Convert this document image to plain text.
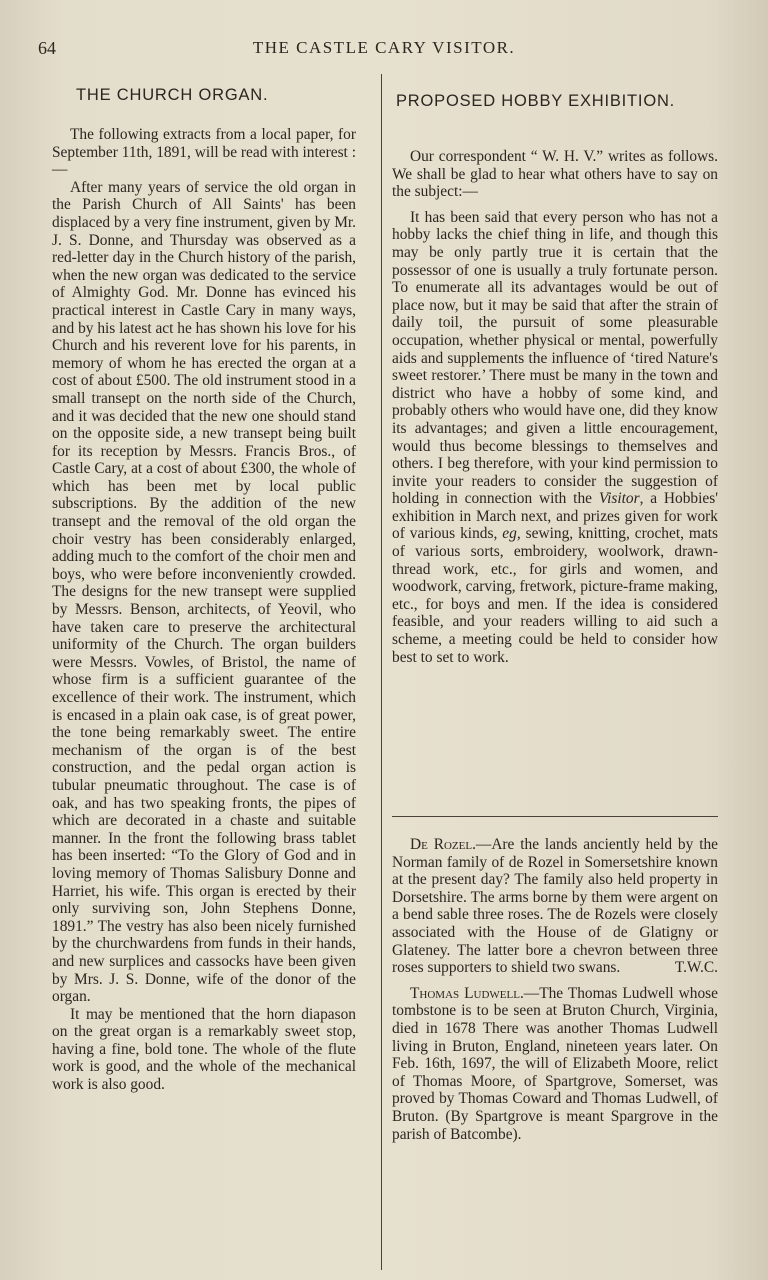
64	THE CASTLE CARY VISITOR.
THE CHURCH ORGAN.

The following extracts from a local paper, for September 11th, 1891, will be read with interest :—

After many years of service the old organ in the Parish Church of All Saints' has been displaced by a very fine instrument, given by Mr. J. S. Donne, and Thursday was observed as a red-letter day in the Church history of the parish, when the new organ was dedicated to the service of Almighty God. Mr. Donne has evinced his practical interest in Castle Cary in many ways, and by his latest act he has shown his love for his Church and his reverent love for his parents, in memory of whom he has erected the organ at a cost of about £500. The old instrument stood in a small transept on the north side of the Church, and it was decided that the new one should stand on the opposite side, a new transept being built for its reception by Messrs. Francis Bros., of Castle Cary, at a cost of about £300, the whole of which has been met by local public subscriptions. By the addition of the new transept and the removal of the old organ the choir vestry has been considerably enlarged, adding much to the comfort of the choir men and boys, who were before inconveniently crowded. The designs for the new transept were supplied by Messrs. Benson, architects, of Yeovil, who have taken care to preserve the architectural uniformity of the Church. The organ builders were Messrs. Vowles, of Bristol, the name of whose firm is a sufficient guarantee of the excellence of their work. The instrument, which is encased in a plain oak case, is of great power, the tone being remarkably sweet. The entire mechanism of the organ is of the best construction, and the pedal organ action is tubular pneumatic throughout. The case is of oak, and has two speaking fronts, the pipes of which are decorated in a chaste and suitable manner. In the front the following brass tablet has been inserted: “To the Glory of God and in loving memory of Thomas Salisbury Donne and Harriet, his wife. This organ is erected by their only surviving son, John Stephens Donne, 1891.” The vestry has also been nicely furnished by the churchwardens from funds in their hands, and new surplices and cassocks have been given by Mrs. J. S. Donne, wife of the donor of the organ.

It may be mentioned that the horn diapason on the great organ is a remarkably sweet stop, having a fine, bold tone. The whole of the flute work is good, and the whole of the mechanical work is also good.

PROPOSED HOBBY EXHIBITION.

Our correspondent “ W. H. V.” writes as follows. We shall be glad to hear what others have to say on the subject:—

It has been said that every person who has not a hobby lacks the chief thing in life, and though this may be only partly true it is certain that the possessor of one is usually a truly fortunate person. To enumerate all its advantages would be out of place now, but it may be said that after the strain of daily toil, the pursuit of some pleasurable occupation, whether physical or mental, powerfully aids and supplements the influence of ‘tired Nature's sweet restorer.’ There must be many in the town and district who have a hobby of some kind, and probably others who would have one, did they know its advantages; and given a little encouragement, would thus become blessings to themselves and others. I beg therefore, with your kind permission to invite your readers to consider the suggestion of holding in connection with the Visitor, a Hobbies' exhibition in March next, and prizes given for work of various kinds, eg, sewing, knitting, crochet, mats of various sorts, embroidery, woolwork, drawn-thread work, etc., for girls and women, and woodwork, carving, fretwork, picture-frame making, etc., for boys and men. If the idea is considered feasible, and your readers willing to aid such a scheme, a meeting could be held to consider how best to set to work.

De Rozel.—Are the lands anciently held by the Norman family of de Rozel in Somersetshire known at the present day? The family also held property in Dorsetshire. The arms borne by them were argent on a bend sable three roses. The de Rozels were closely associated with the House of de Glatigny or Glateney. The latter bore a chevron between three roses supporters to shield two swans.	T.W.C.

Thomas Ludwell.—The Thomas Ludwell whose tombstone is to be seen at Bruton Church, Virginia, died in 1678 There was another Thomas Ludwell living in Bruton, England, nineteen years later. On Feb. 16th, 1697, the will of Elizabeth Moore, relict of Thomas Moore, of Spartgrove, Somerset, was proved by Thomas Coward and Thomas Ludwell, of Bruton. (By Spartgrove is meant Spargrove in the parish of Batcombe).
